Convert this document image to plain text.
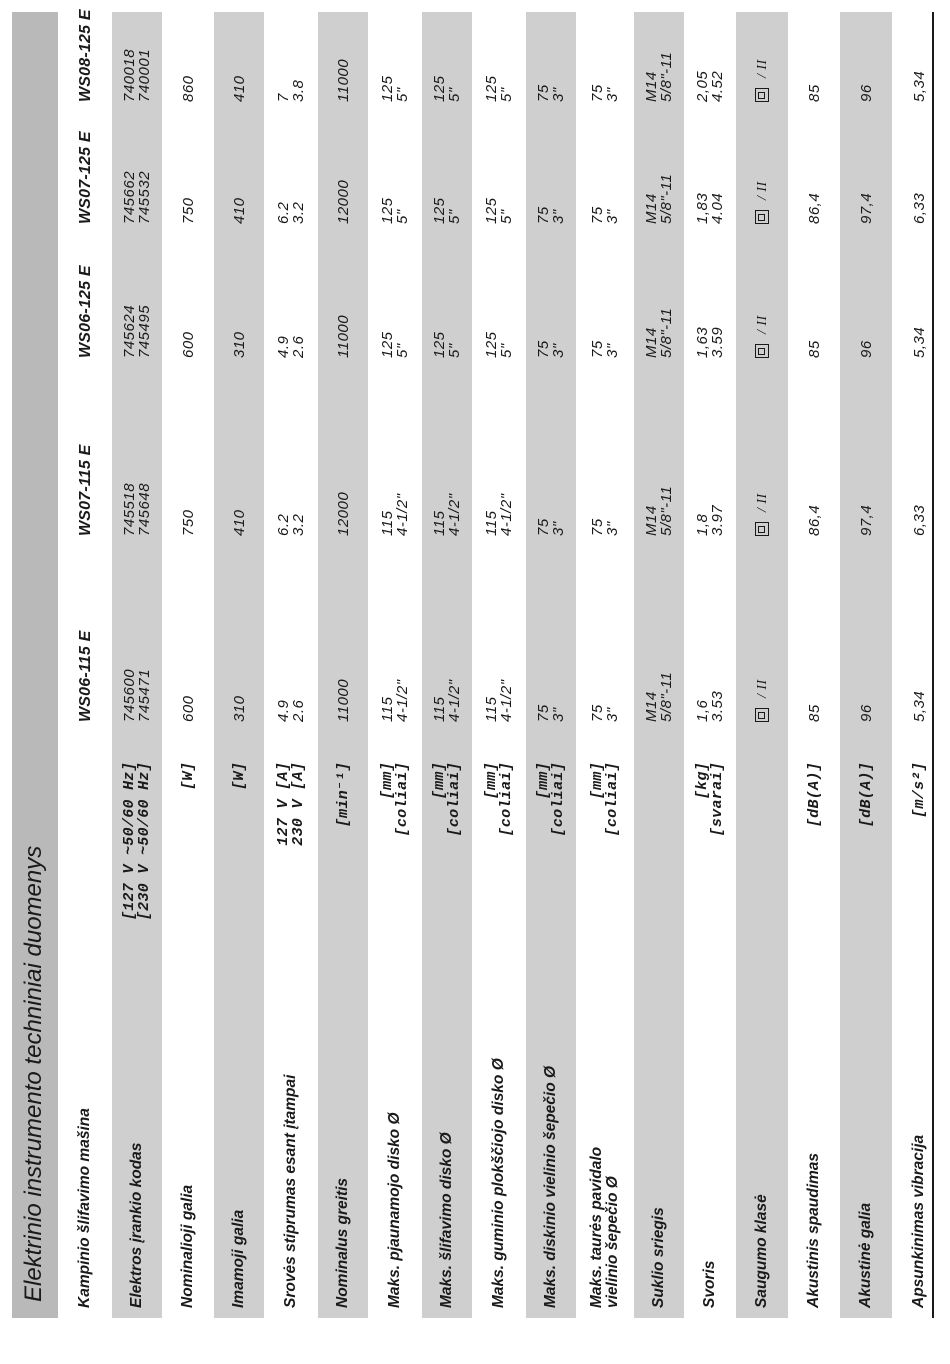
Elektrinio instrumento techniniai duomenys	Kampinio šlifavimo mašina
WS06-115 E
WS07-115 E
WS06-125 E
WS07-125 E
WS08-125 E
Elektros įrankio kodas
[127 V ~50/60 Hz]
[230 V ~50/60 Hz]
745600
745471
745518
745648
745624
745495
745662
745532
740018
740001
Nominalioji galia
[W]
600
750
600
750
860
Imamoji galia
[W]
310
410
310
410
410
Srovės stiprumas esant įtampai
127 V [A]
230 V [A]
4.9
2.6
6.2
3.2
4.9
2.6
6.2
3.2
7
3.8
Nominalus greitis
[min⁻¹]
11000
12000
11000
12000
11000
Maks. pjaunamojo disko Ø
[mm]
[coliai]
115
4-1/2"
115
4-1/2"
125
5"
125
5"
125
5"
Maks. šlifavimo disko Ø
[mm]
[coliai]
115
4-1/2"
115
4-1/2"
125
5"
125
5"
125
5"
Maks. guminio plokščiojo disko Ø
[mm]
[coliai]
115
4-1/2"
115
4-1/2"
125
5"
125
5"
125
5"
Maks. diskinio vielinio šepečio Ø
[mm]
[coliai]
75
3"
75
3"
75
3"
75
3"
75
3"
Maks. taurės pavidalo
vielinio šepečio Ø
[mm]
[coliai]
75
3"
75
3"
75
3"
75
3"
75
3"
Suklio sriegis
M14
5/8"-11
M14
5/8"-11
M14
5/8"-11
M14
5/8"-11
M14
5/8"-11
Svoris
[kg]
[svarai]
1,6
3.53
1,8
3.97
1,63
3.59
1,83
4.04
2,05
4.52
Saugumo klasė
/ II
/ II
/ II
/ II
/ II
Akustinis spaudimas
[dB(A)]
85
86,4
85
86,4
85
Akustinė galia
[dB(A)]
96
97,4
96
97,4
96
Apsunkinimas vibracija
[m/s²]
5,34
6,33
5,34
6,33
5,34
